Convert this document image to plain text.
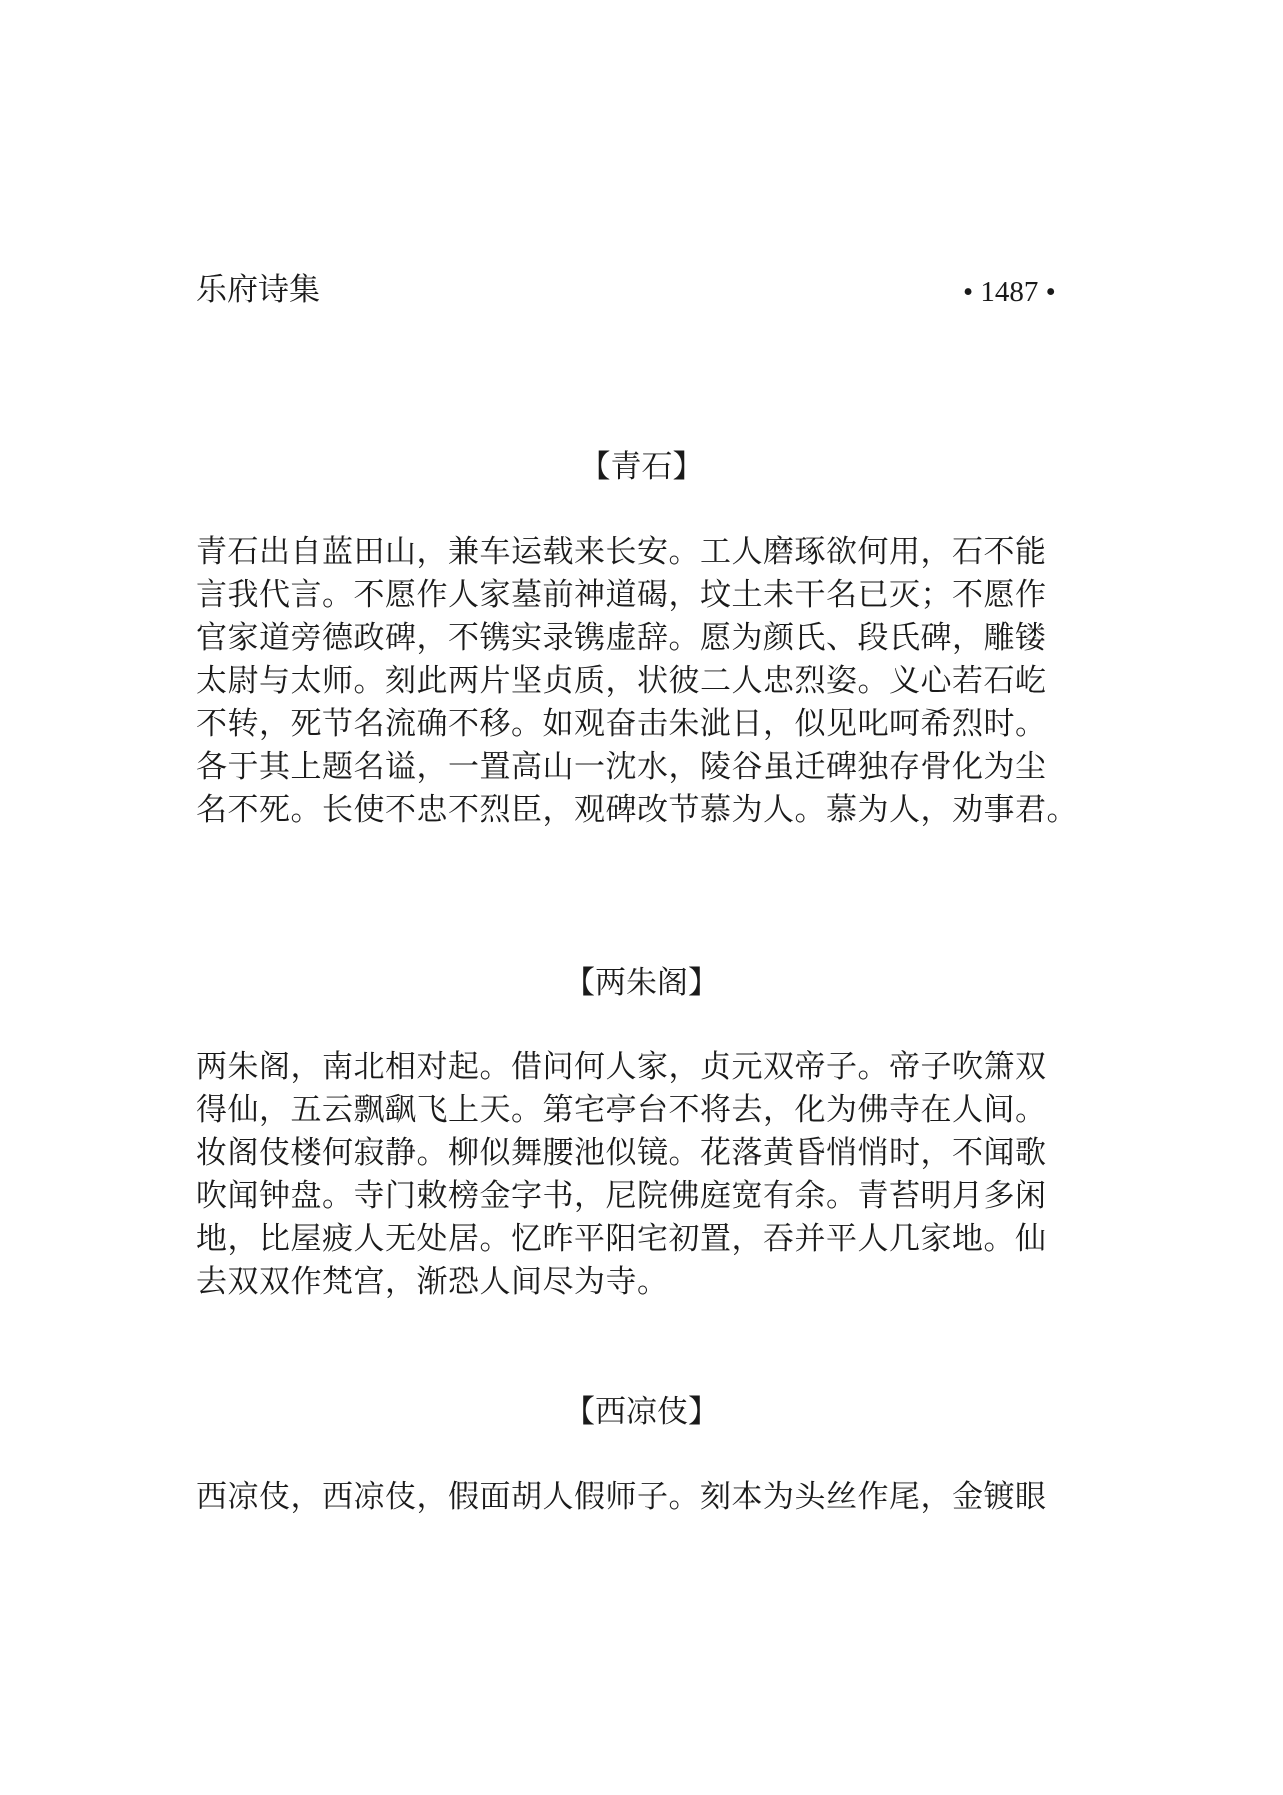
乐府诗集	• 1487 •
【青石】
青石出自蓝田山，兼车运载来长安。工人磨琢欲何用，石不能
言我代言。不愿作人家墓前神道碣，坟土未干名已灭；不愿作
官家道旁德政碑，不镌实录镌虚辞。愿为颜氏、段氏碑，雕镂
太尉与太师。刻此两片坚贞质，状彼二人忠烈姿。义心若石屹
不转，死节名流确不移。如观奋击朱泚日，似见叱呵希烈时。
各于其上题名谥，一置高山一沈水，陵谷虽迁碑独存骨化为尘
名不死。长使不忠不烈臣，观碑改节慕为人。慕为人，劝事君。
【两朱阁】
两朱阁，南北相对起。借问何人家，贞元双帝子。帝子吹箫双
得仙，五云飘飖飞上天。第宅亭台不将去，化为佛寺在人间。
妆阁伎楼何寂静。柳似舞腰池似镜。花落黄昏悄悄时，不闻歌
吹闻钟盘。寺门敕榜金字书，尼院佛庭宽有余。青苔明月多闲
地，比屋疲人无处居。忆昨平阳宅初置，吞并平人几家地。仙
去双双作梵宫，渐恐人间尽为寺。
【西凉伎】
西凉伎，西凉伎，假面胡人假师子。刻本为头丝作尾，金镀眼
